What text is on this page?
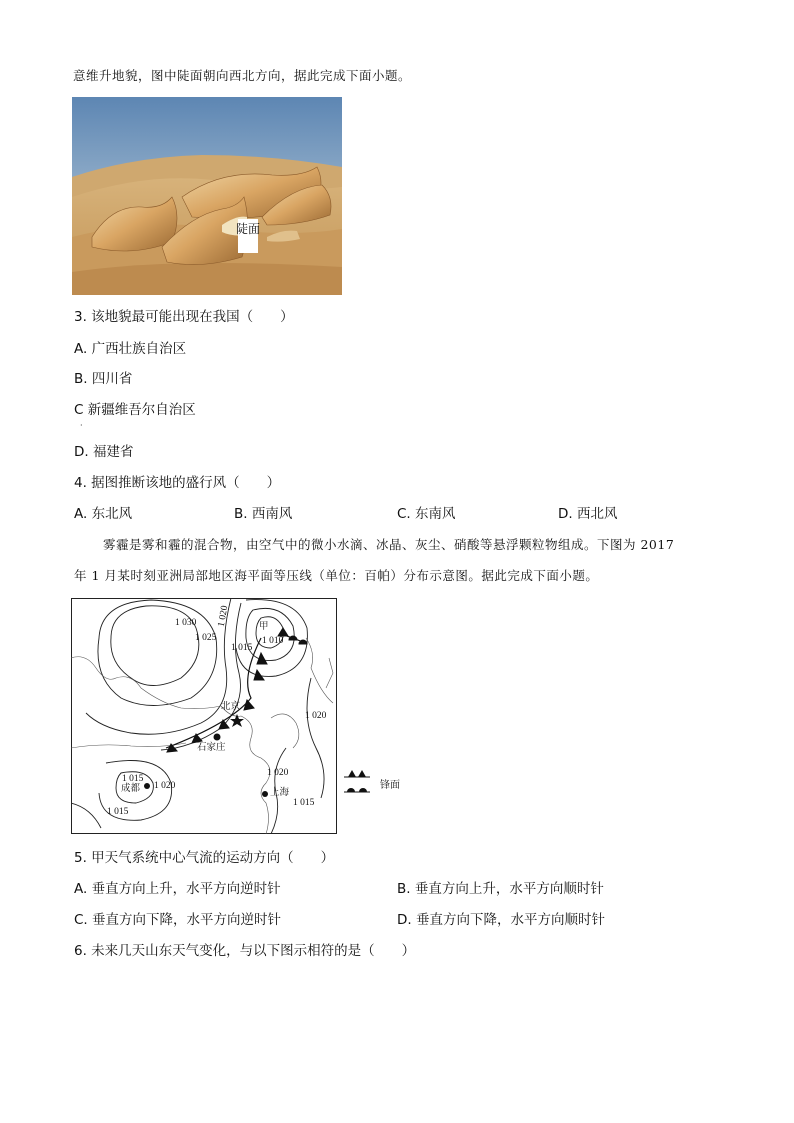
意维升地貌，图中陡面朝向西北方向，据此完成下面小题。
陡面
3. 该地貌最可能出现在我国（　　）
A. 广西壮族自治区
B. 四川省
C 新疆维吾尔自治区
·
D. 福建省
4. 据图推断该地的盛行风（　　）
A. 东北风	B. 西南风	C. 东南风	D. 西北风
雾霾是雾和霾的混合物，由空气中的微小水滴、冰晶、灰尘、硝酸等悬浮颗粒物组成。下图为 2017
年 1 月某时刻亚洲局部地区海平面等压线（单位：百帕）分布示意图。据此完成下面小题。
1 030
1 025
1 020
1 015
1 010
1 020
1 020
1 015
1 020
1 015
1 015
甲
北京
石家庄
成都	上海
锋面
5. 甲天气系统中心气流的运动方向（　　）
A. 垂直方向上升，水平方向逆时针	B. 垂直方向上升，水平方向顺时针
C. 垂直方向下降，水平方向逆时针	D. 垂直方向下降，水平方向顺时针
6. 未来几天山东天气变化，与以下图示相符的是（　　）
